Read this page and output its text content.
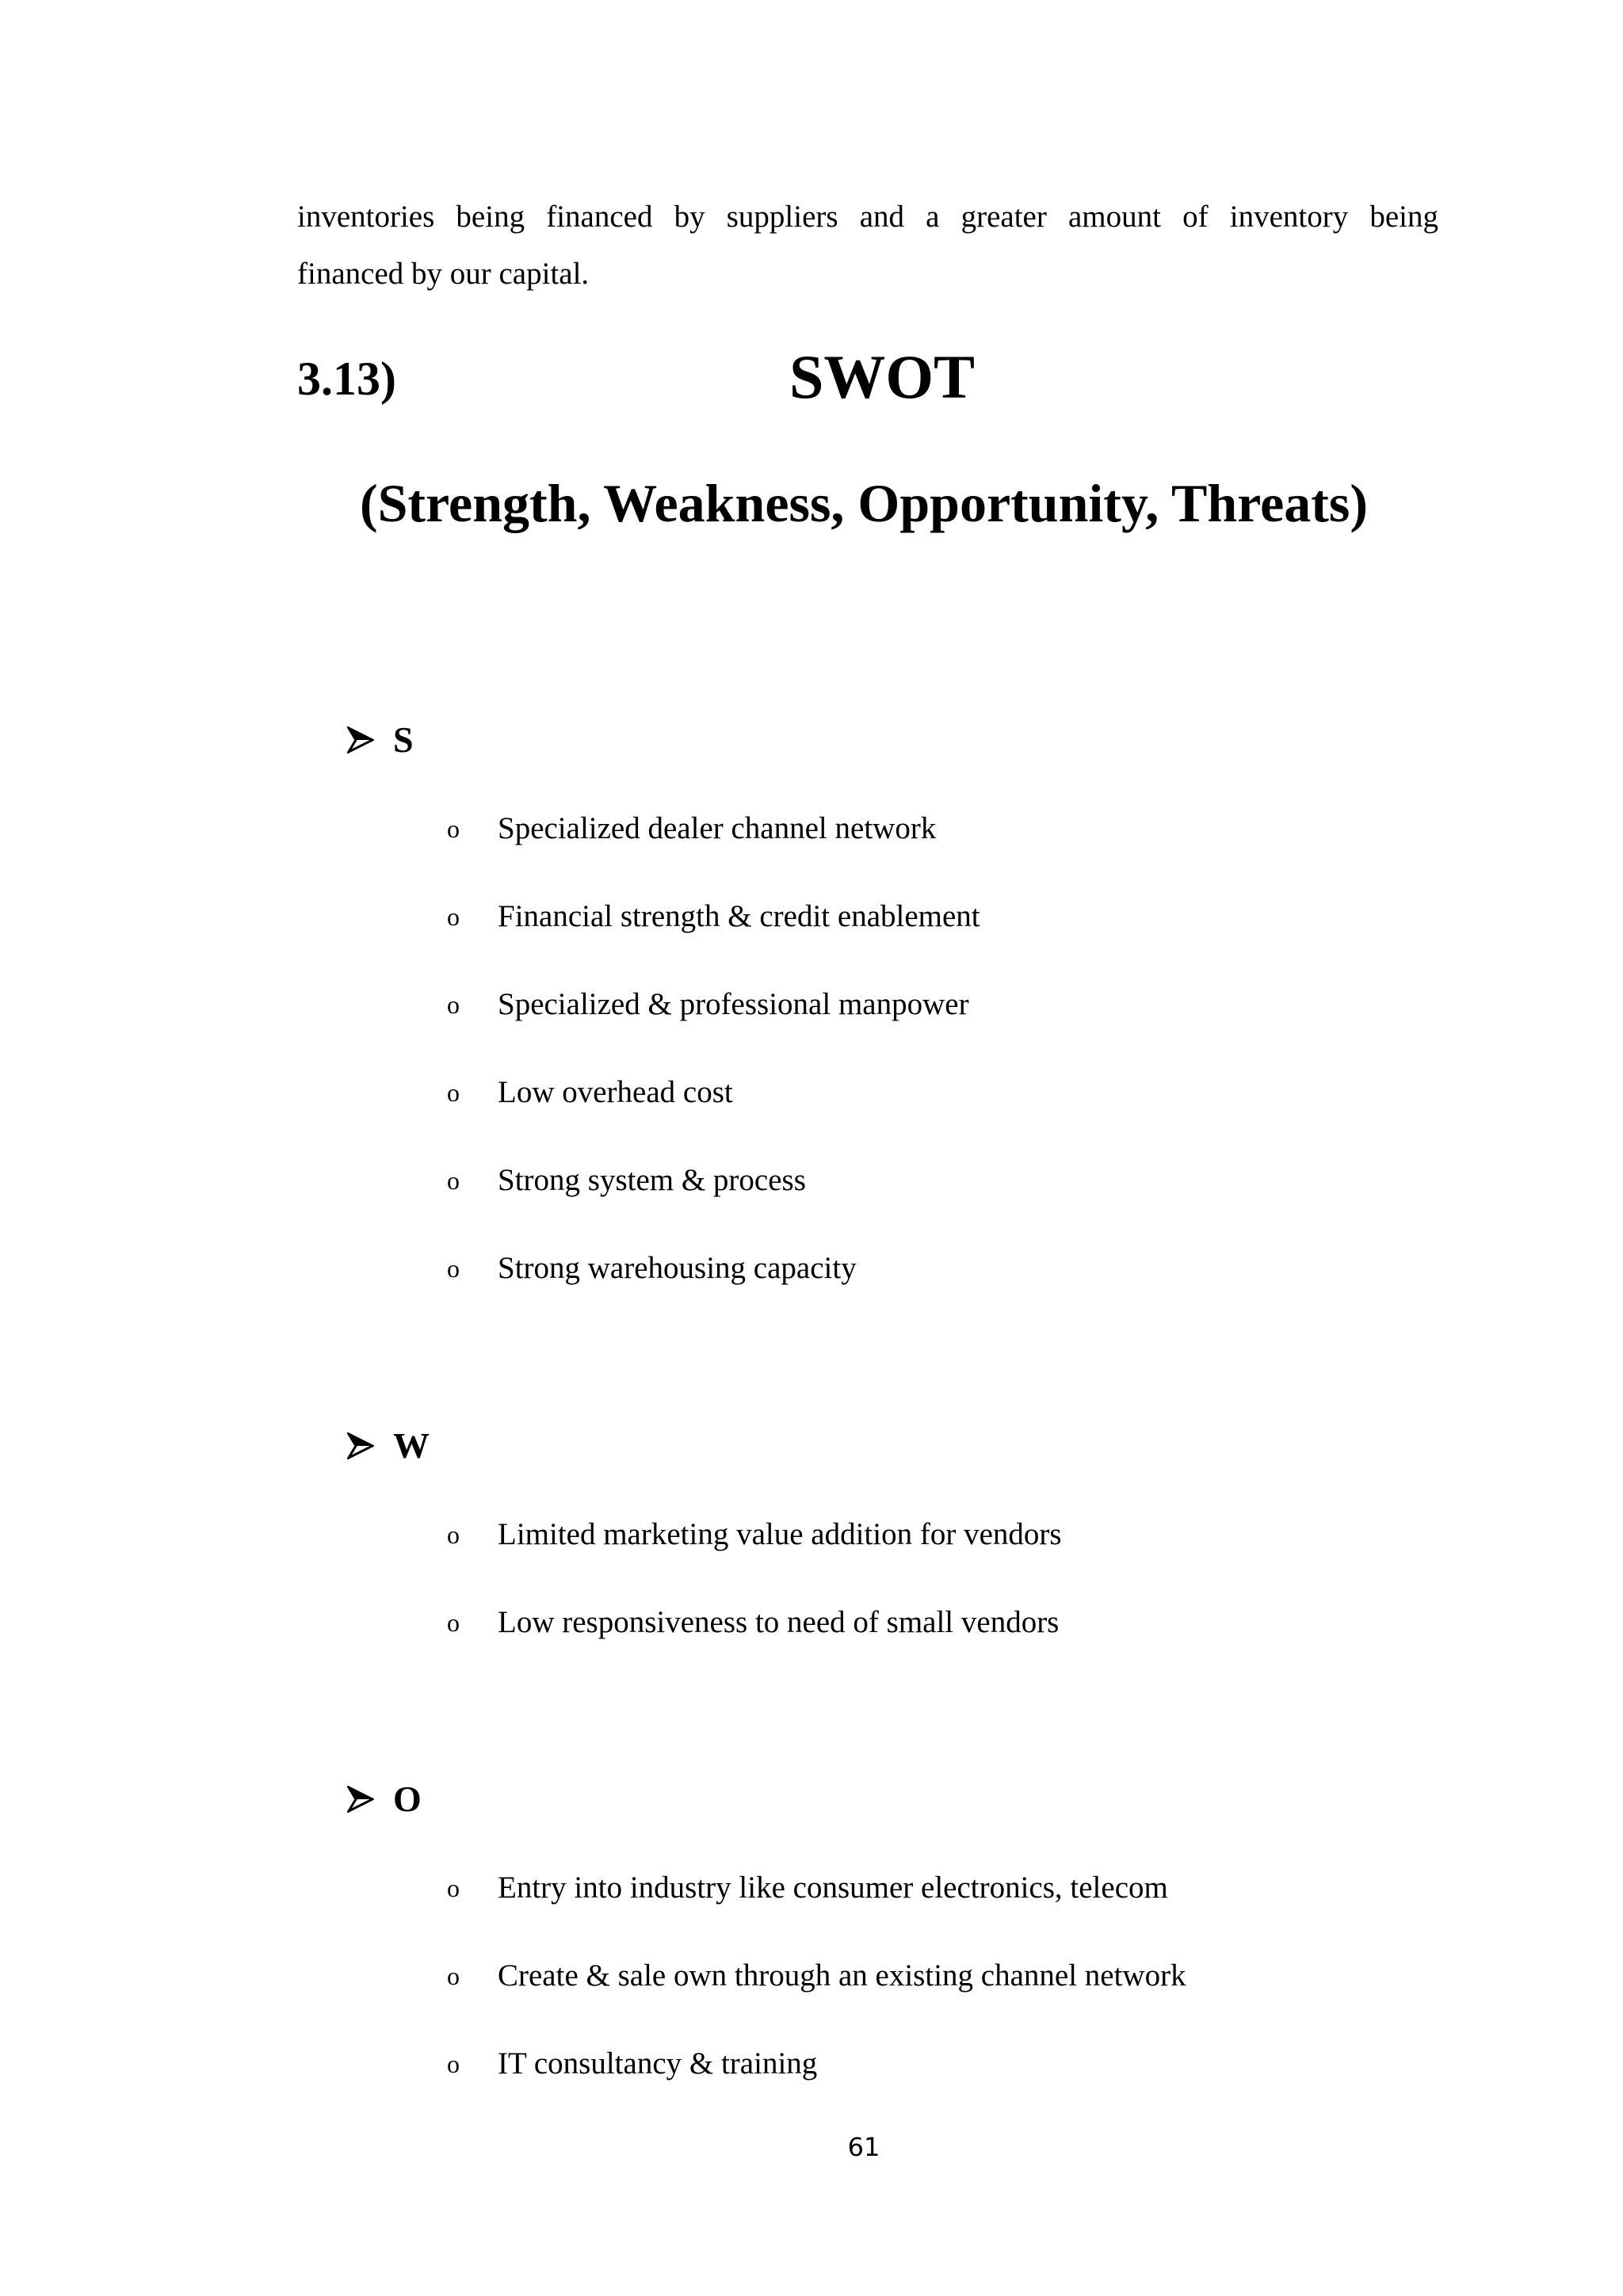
inventories being financed by suppliers and a greater amount of inventory being
financed by our capital.

3.13)	SWOT
(Strength, Weakness, Opportunity, Threats)
S
o Specialized dealer channel network
o Financial strength & credit enablement
o Specialized & professional manpower
o Low overhead cost
o Strong system & process
o Strong warehousing capacity
W
o Limited marketing value addition for vendors
o Low responsiveness to need of small vendors
O
o Entry into industry like consumer electronics, telecom
o Create & sale own through an existing channel network
o IT consultancy & training

61
